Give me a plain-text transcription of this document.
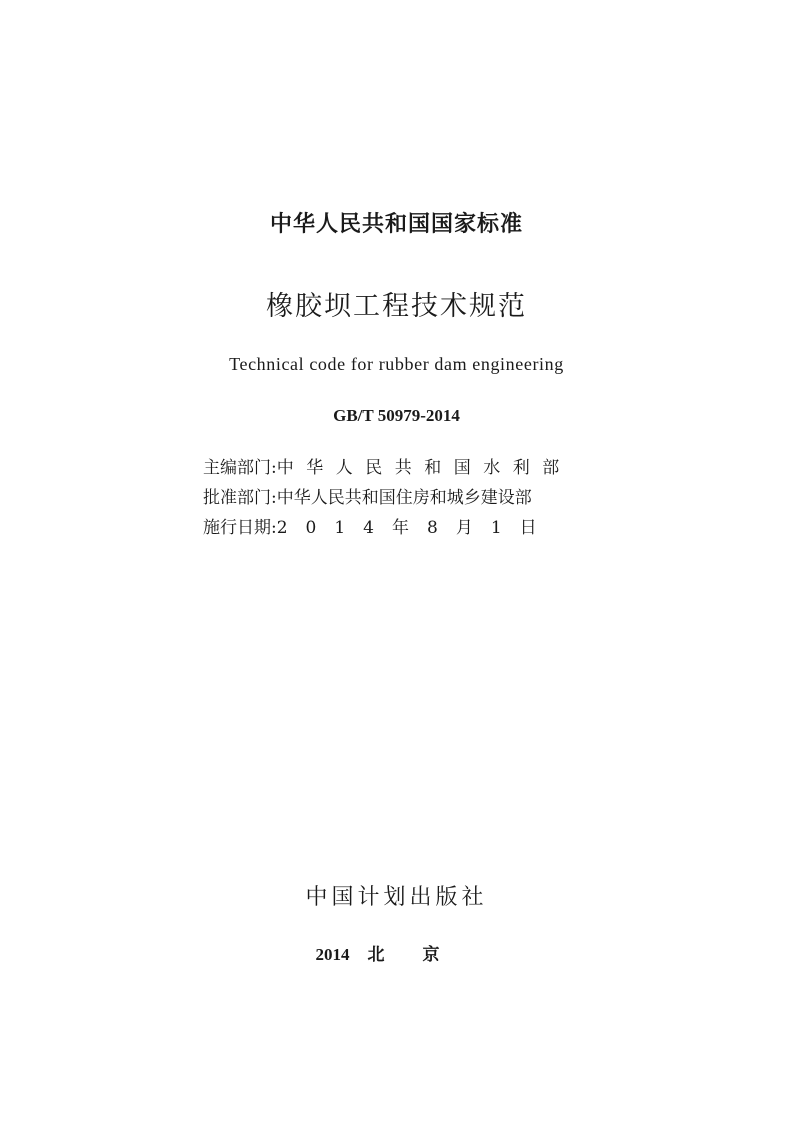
中华人民共和国国家标准
橡胶坝工程技术规范
Technical code for rubber dam engineering
GB/T 50979-2014
主编部门:中华人民共和国水利部
批准部门:中华人民共和国住房和城乡建设部
施行日期:2014年8月1日
中国计划出版社
2014 北京
